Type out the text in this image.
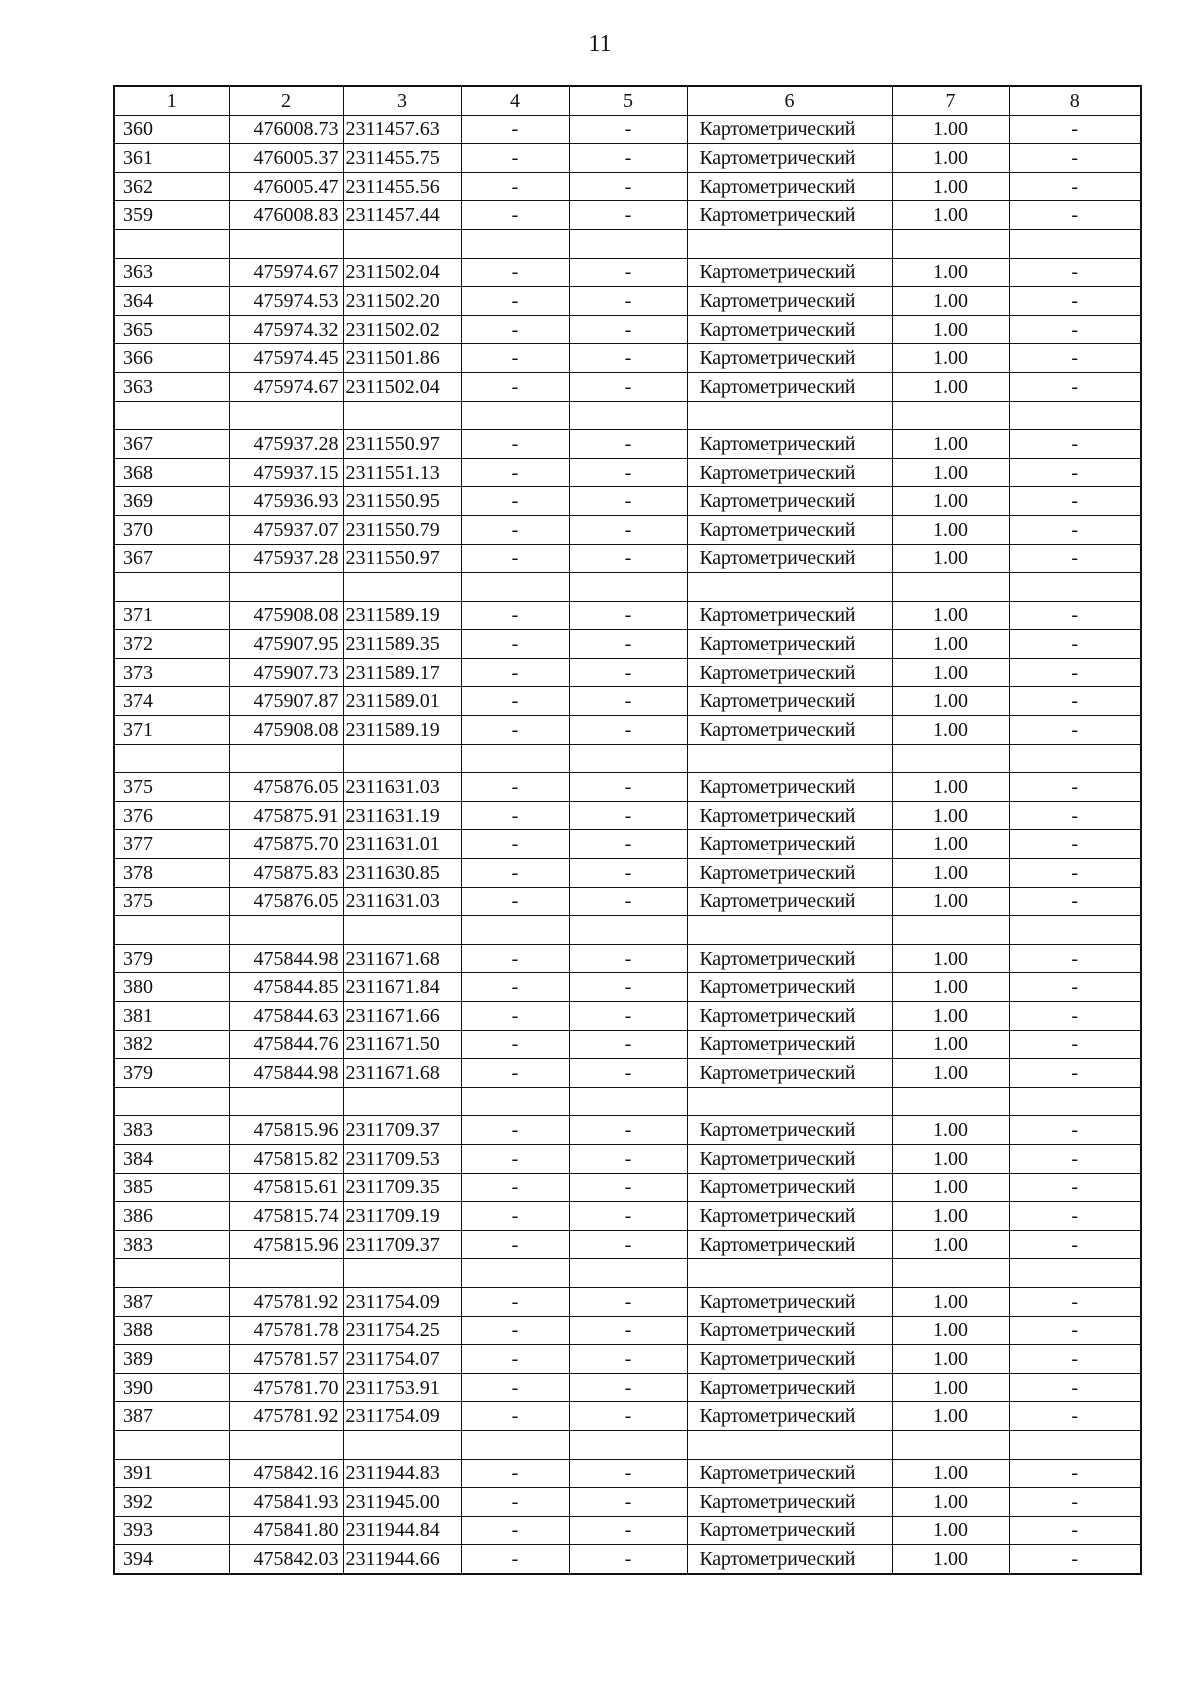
11
1	2	3	4	5	6	7	8
360	476008.73	2311457.63	-	-	Картометрический	1.00	-
361	476005.37	2311455.75	-	-	Картометрический	1.00	-
362	476005.47	2311455.56	-	-	Картометрический	1.00	-
359	476008.83	2311457.44	-	-	Картометрический	1.00	-

363	475974.67	2311502.04	-	-	Картометрический	1.00	-
364	475974.53	2311502.20	-	-	Картометрический	1.00	-
365	475974.32	2311502.02	-	-	Картометрический	1.00	-
366	475974.45	2311501.86	-	-	Картометрический	1.00	-
363	475974.67	2311502.04	-	-	Картометрический	1.00	-

367	475937.28	2311550.97	-	-	Картометрический	1.00	-
368	475937.15	2311551.13	-	-	Картометрический	1.00	-
369	475936.93	2311550.95	-	-	Картометрический	1.00	-
370	475937.07	2311550.79	-	-	Картометрический	1.00	-
367	475937.28	2311550.97	-	-	Картометрический	1.00	-

371	475908.08	2311589.19	-	-	Картометрический	1.00	-
372	475907.95	2311589.35	-	-	Картометрический	1.00	-
373	475907.73	2311589.17	-	-	Картометрический	1.00	-
374	475907.87	2311589.01	-	-	Картометрический	1.00	-
371	475908.08	2311589.19	-	-	Картометрический	1.00	-

375	475876.05	2311631.03	-	-	Картометрический	1.00	-
376	475875.91	2311631.19	-	-	Картометрический	1.00	-
377	475875.70	2311631.01	-	-	Картометрический	1.00	-
378	475875.83	2311630.85	-	-	Картометрический	1.00	-
375	475876.05	2311631.03	-	-	Картометрический	1.00	-

379	475844.98	2311671.68	-	-	Картометрический	1.00	-
380	475844.85	2311671.84	-	-	Картометрический	1.00	-
381	475844.63	2311671.66	-	-	Картометрический	1.00	-
382	475844.76	2311671.50	-	-	Картометрический	1.00	-
379	475844.98	2311671.68	-	-	Картометрический	1.00	-

383	475815.96	2311709.37	-	-	Картометрический	1.00	-
384	475815.82	2311709.53	-	-	Картометрический	1.00	-
385	475815.61	2311709.35	-	-	Картометрический	1.00	-
386	475815.74	2311709.19	-	-	Картометрический	1.00	-
383	475815.96	2311709.37	-	-	Картометрический	1.00	-

387	475781.92	2311754.09	-	-	Картометрический	1.00	-
388	475781.78	2311754.25	-	-	Картометрический	1.00	-
389	475781.57	2311754.07	-	-	Картометрический	1.00	-
390	475781.70	2311753.91	-	-	Картометрический	1.00	-
387	475781.92	2311754.09	-	-	Картометрический	1.00	-

391	475842.16	2311944.83	-	-	Картометрический	1.00	-
392	475841.93	2311945.00	-	-	Картометрический	1.00	-
393	475841.80	2311944.84	-	-	Картометрический	1.00	-
394	475842.03	2311944.66	-	-	Картометрический	1.00	-
